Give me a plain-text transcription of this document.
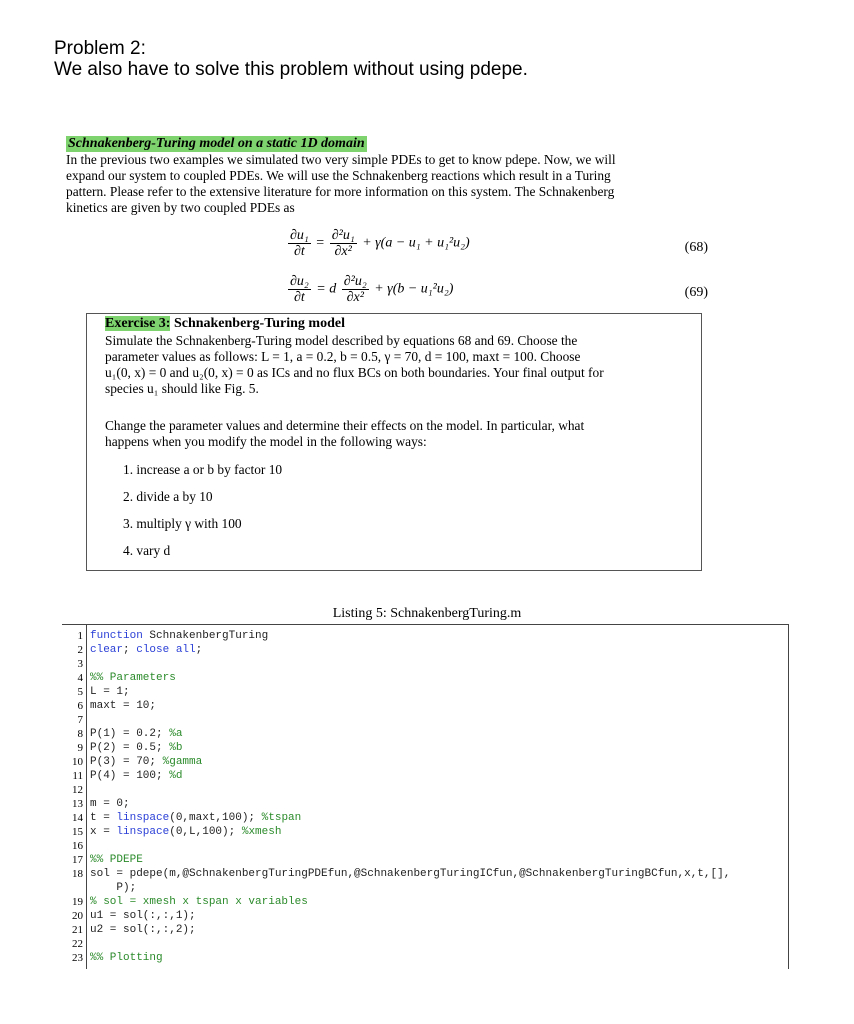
Problem 2:
We also have to solve this problem without using pdepe.
Schnakenberg-Turing model on a static 1D domain
In the previous two examples we simulated two very simple PDEs to get to know pdepe. Now, we will
expand our system to coupled PDEs. We will use the Schnakenberg reactions which result in a Turing
pattern. Please refer to the extensive literature for more information on this system. The Schnakenberg
kinetics are given by two coupled PDEs as
$\frac{\text{∂u₁}}{\partial t} = \frac{\text{∂²u₁}}{\text{∂x²}} + \gamma(a - u_1 + u_1^2u_2)$	(68)
$\frac{\text{∂u₂}}{\partial t} = d \frac{\text{∂²u₂}}{\text{∂x²}} + \gamma(b - u_1^2u_2)$	(69)
Exercise 3: Schnakenberg-Turing model
Simulate the Schnakenberg-Turing model described by equations 68 and 69. Choose the
parameter values as follows: L = 1, a = 0.2, b = 0.5, γ = 70, d = 100, maxt = 100. Choose
u₁(0, x) = 0 and u₂(0, x) = 0 as ICs and no flux BCs on both boundaries. Your final output for
species u₁ should like Fig. 5.
Change the parameter values and determine their effects on the model. In particular, what
happens when you modify the model in the following ways:
1. increase a or b by factor 10
2. divide a by 10
3. multiply γ with 100
4. vary d
Listing 5: SchnakenbergTuring.m
1 function SchnakenbergTuring
2 clear; close all;
3
4 %% Parameters
5 L = 1;
6 maxt = 10;
7
8 P(1) = 0.2; %a
9 P(2) = 0.5; %b
10 P(3) = 70; %gamma
11 P(4) = 100; %d
12
13 m = 0;
14 t = linspace(0,maxt,100); %tspan
15 x = linspace(0,L,100); %xmesh
16
17 %% PDEPE
18 sol = pdepe(m,@SchnakenbergTuringPDEfun,@SchnakenbergTuringICfun,@SchnakenbergTuringBCfun,x,t,[],
P);
19 % sol = xmesh x tspan x variables
20 u1 = sol(:,:,1);
21 u2 = sol(:,:,2);
22
23 %% Plotting
